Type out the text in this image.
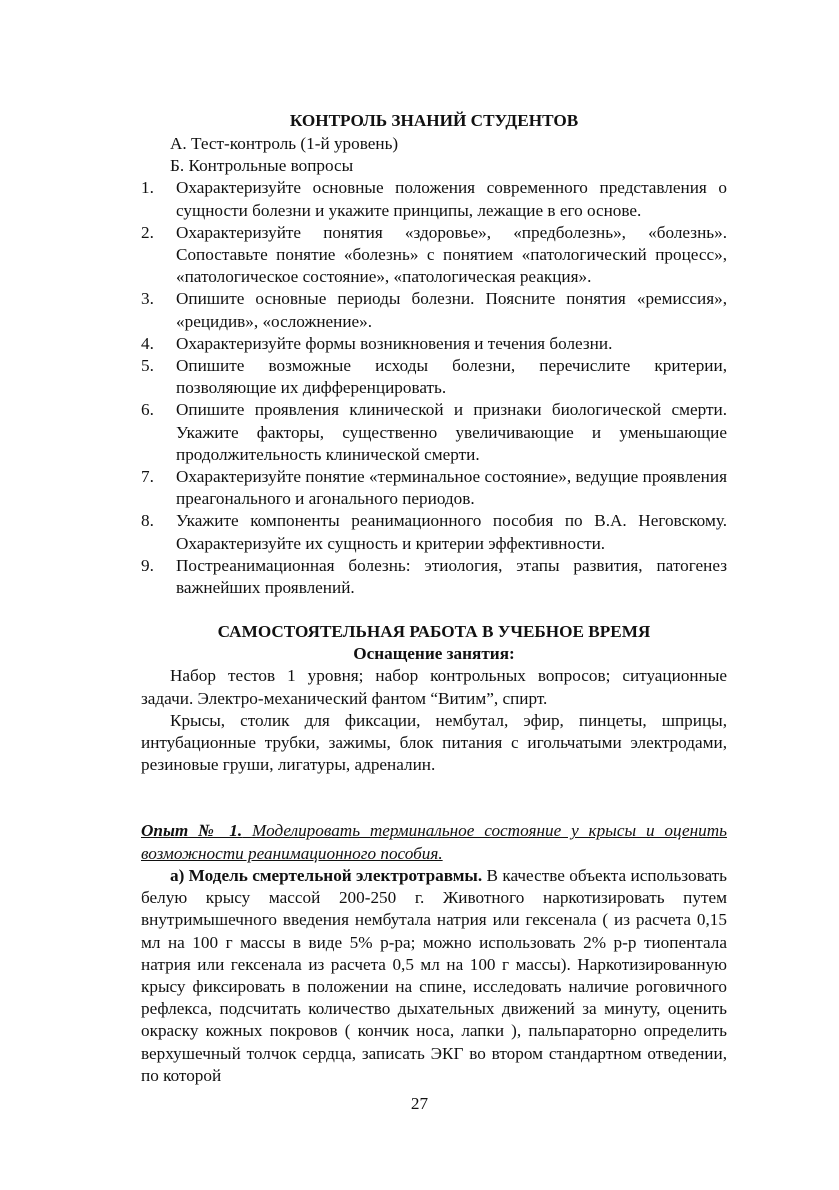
КОНТРОЛЬ ЗНАНИЙ СТУДЕНТОВ
А. Тест-контроль (1-й уровень)
Б. Контрольные вопросы
1. Охарактеризуйте основные положения современного представления о сущности болезни и укажите принципы, лежащие в его основе.
2. Охарактеризуйте понятия «здоровье», «предболезнь», «болезнь». Сопоставьте понятие «болезнь» с понятием «патологический процесс», «патологическое состояние», «патологическая реакция».
3. Опишите основные периоды болезни. Поясните понятия «ремиссия», «рецидив», «осложнение».
4. Охарактеризуйте формы возникновения и течения болезни.
5. Опишите возможные исходы болезни, перечислите критерии, позволяющие их дифференцировать.
6. Опишите проявления клинической и признаки биологической смерти. Укажите факторы, существенно увеличивающие и уменьшающие продолжительность клинической смерти.
7. Охарактеризуйте понятие «терминальное состояние», ведущие проявления преагонального и агонального периодов.
8. Укажите компоненты реанимационного пособия по В.А. Неговскому. Охарактеризуйте их сущность и критерии эффективности.
9. Постреанимационная болезнь: этиология, этапы развития, патогенез важнейших проявлений.
САМОСТОЯТЕЛЬНАЯ РАБОТА В УЧЕБНОЕ ВРЕМЯ
Оснащение занятия:

Набор тестов 1 уровня; набор контрольных вопросов; ситуационные задачи. Электро-механический фантом “Витим”, спирт.

Крысы, столик для фиксации, нембутал, эфир, пинцеты, шприцы, интубационные трубки, зажимы, блок питания с игольчатыми электродами, резиновые груши, лигатуры, адреналин.

Опыт № 1. Моделировать терминальное состояние у крысы и оценить возможности реанимационного пособия.

а) Модель смертельной электротравмы. В качестве объекта использовать белую крысу массой 200-250 г. Животного наркотизировать путем внутримышечного введения нембутала натрия или гексенала ( из расчета 0,15 мл на 100 г массы в виде 5% р-ра; можно использовать 2% р-р тиопентала натрия или гексенала из расчета 0,5 мл на 100 г массы). Наркотизированную крысу фиксировать в положении на спине, исследовать наличие роговичного рефлекса, подсчитать количество дыхательных движений за минуту, оценить окраску кожных покровов ( кончик носа, лапки ), пальпараторно определить верхушечный толчок сердца, записать ЭКГ во втором стандартном отведении, по которой

27
